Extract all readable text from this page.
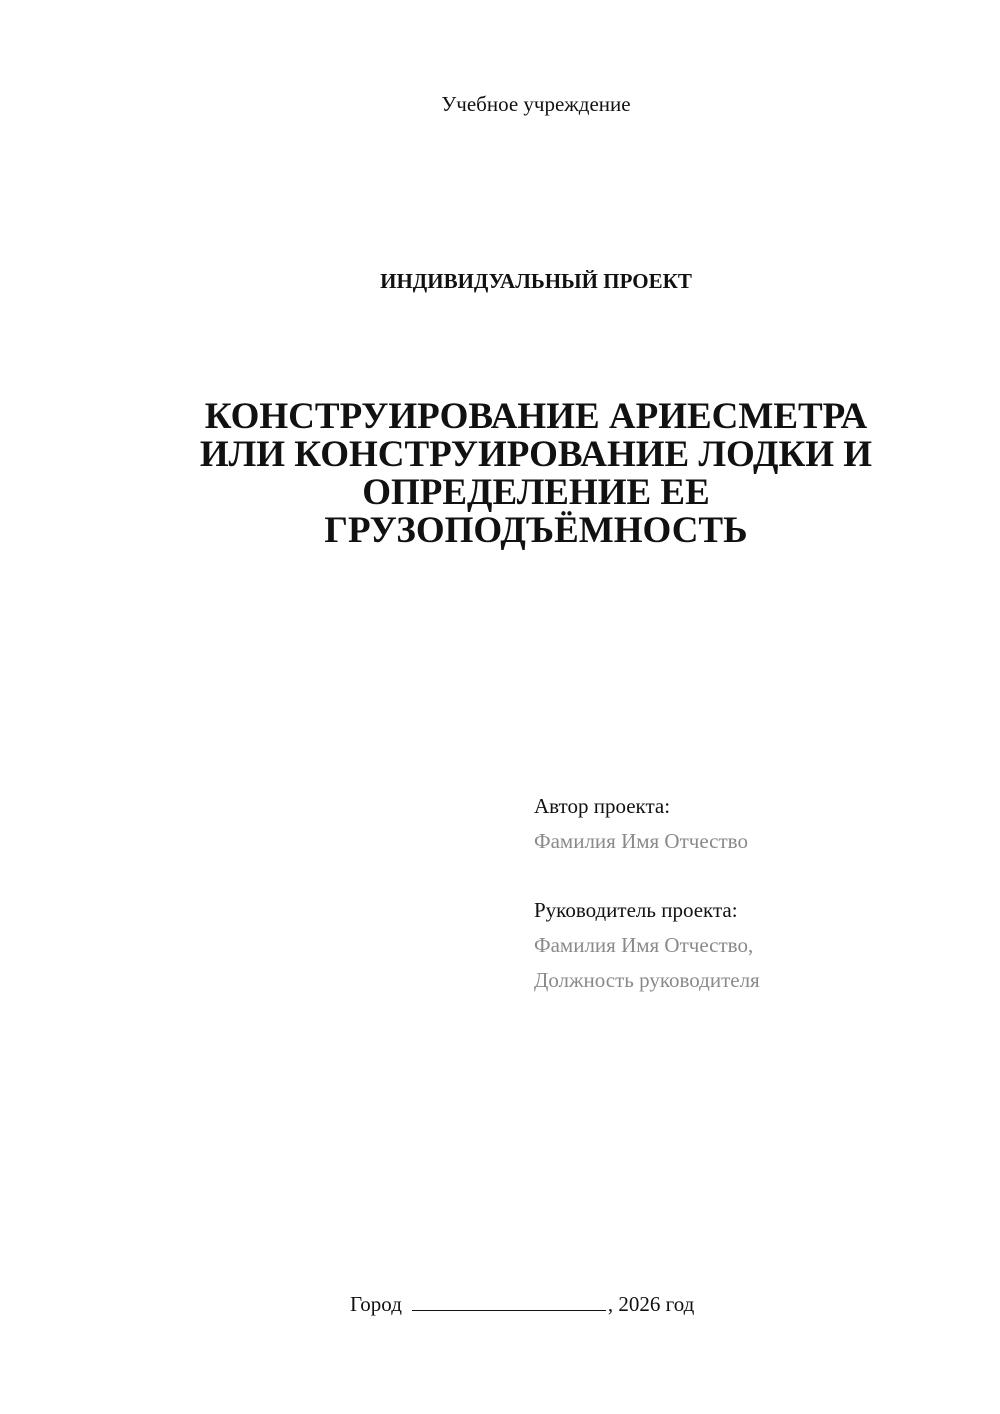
Учебное учреждение
ИНДИВИДУАЛЬНЫЙ ПРОЕКТ
КОНСТРУИРОВАНИЕ АРИЕСМЕТРА
ИЛИ КОНСТРУИРОВАНИЕ ЛОДКИ И
ОПРЕДЕЛЕНИЕ ЕЕ
ГРУЗОПОДЪЁМНОСТЬ
Автор проекта:
Фамилия Имя Отчество
Руководитель проекта:
Фамилия Имя Отчество,
Должность руководителя
Город	, 2026 год
